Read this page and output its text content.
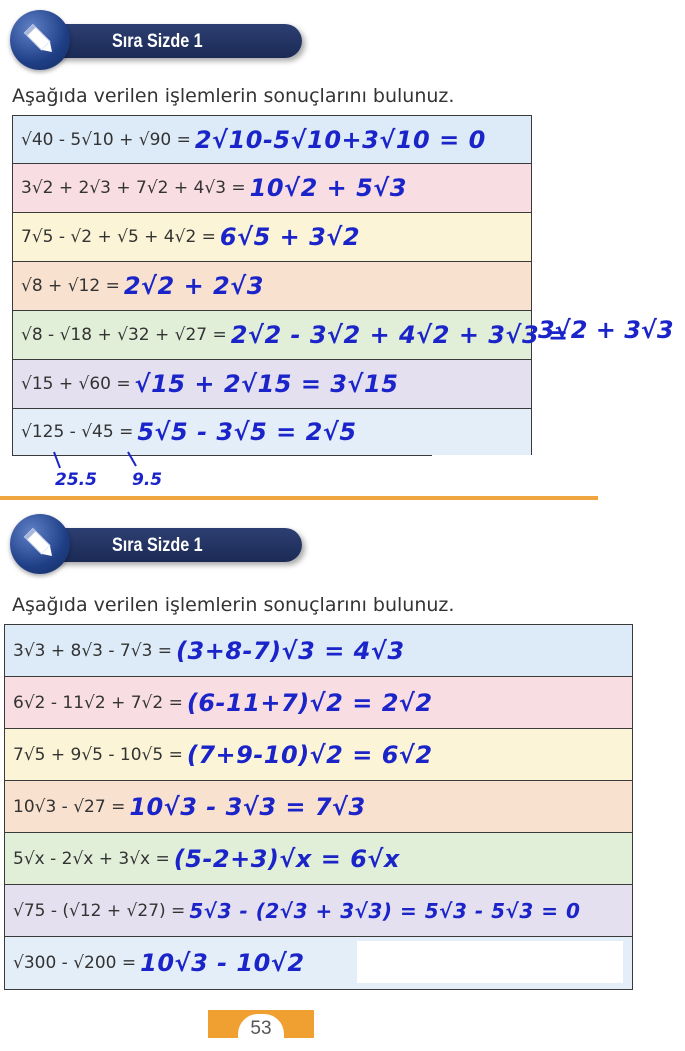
Sıra Sizde 1
Aşağıda verilen işlemlerin sonuçlarını bulunuz.
√40 - 5√10 + √90 = 2√10-5√10+3√10 = 0
3√2 + 2√3 + 7√2 + 4√3 = 10√2 + 5√3
7√5 - √2 + √5 + 4√2 = 6√5 + 3√2
√8 + √12 = 2√2 + 2√3
√8 - √18 + √32 + √27 = 2√2 - 3√2 + 4√2 + 3√3 =
√15 + √60 = √15 + 2√15 = 3√15
√125 - √45 = 5√5 - 3√5 = 2√5
3√2 + 3√3
25.5 9.5
Sıra Sizde 1
Aşağıda verilen işlemlerin sonuçlarını bulunuz.
3√3 + 8√3 - 7√3 = (3+8-7)√3 = 4√3
6√2 - 11√2 + 7√2 = (6-11+7)√2 = 2√2
7√5 + 9√5 - 10√5 = (7+9-10)√2 = 6√2
10√3 - √27 = 10√3 - 3√3 = 7√3
5√x - 2√x + 3√x = (5-2+3)√x = 6√x
√75 - (√12 + √27) = 5√3 - (2√3 + 3√3) = 5√3 - 5√3 = 0
√300 - √200 = 10√3 - 10√2
53
